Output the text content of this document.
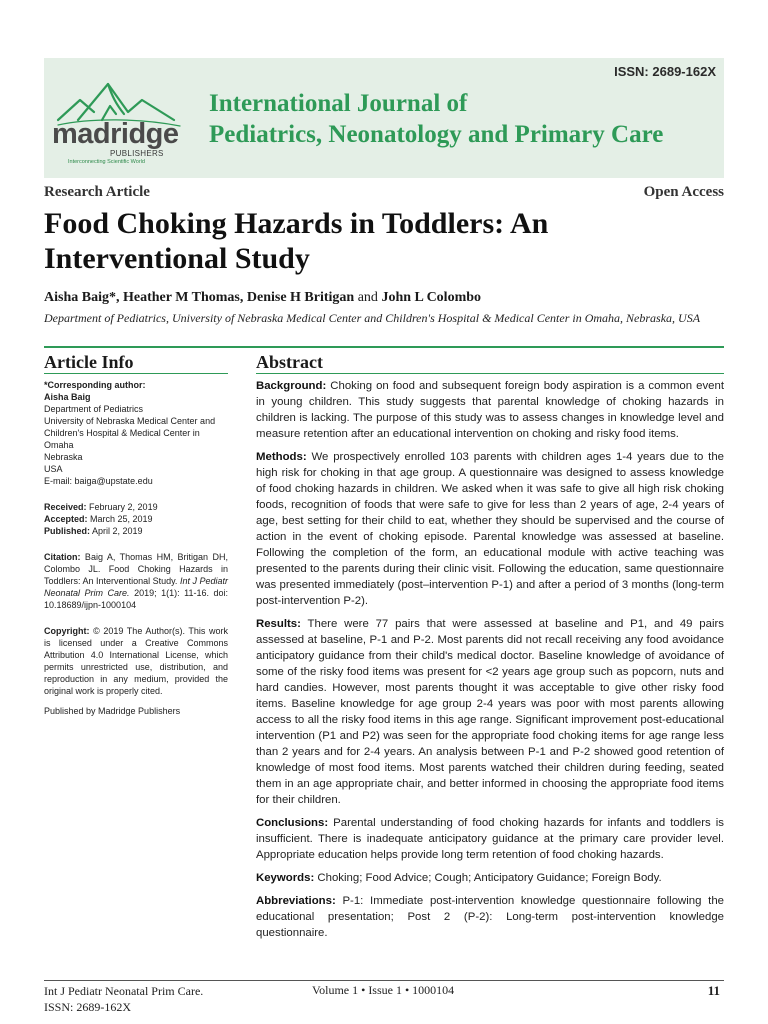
ISSN: 2689-162X
madridge
PUBLISHERS
Interconnecting Scientific World
International Journal of
Pediatrics, Neonatology and Primary Care
Research Article	Open Access
Food Choking Hazards in Toddlers: An Interventional Study
Aisha Baig*, Heather M Thomas, Denise H Britigan and John L Colombo
Department of Pediatrics, University of Nebraska Medical Center and Children's Hospital & Medical Center in Omaha, Nebraska, USA
Article Info	Abstract

*Corresponding author:
Aisha Baig
Department of Pediatrics
University of Nebraska Medical Center and
Children's Hospital & Medical Center in
Omaha
Nebraska
USA
E-mail: baiga@upstate.edu

Received: February 2, 2019
Accepted: March 25, 2019
Published: April 2, 2019

Citation: Baig A, Thomas HM, Britigan DH, Colombo JL. Food Choking Hazards in Toddlers: An Interventional Study. Int J Pediatr Neonatal Prim Care. 2019; 1(1): 11-16. doi: 10.18689/ijpn-1000104

Copyright: © 2019 The Author(s). This work is licensed under a Creative Commons Attribution 4.0 International License, which permits unrestricted use, distribution, and reproduction in any medium, provided the original work is properly cited.

Published by Madridge Publishers

Background: Choking on food and subsequent foreign body aspiration is a common event in young children. This study suggests that parental knowledge of choking hazards in children is lacking. The purpose of this study was to assess changes in knowledge level and measure retention after an educational intervention on choking and risky food items.

Methods: We prospectively enrolled 103 parents with children ages 1-4 years due to the high risk for choking in that age group. A questionnaire was designed to assess knowledge of food choking hazards in children. We asked when it was safe to give all high risk choking foods, recognition of foods that were safe to give for less than 2 years of age, 2-4 years of age, best setting for their child to eat, whether they should be supervised and the course of action in the event of choking episode. Parental knowledge was assessed at baseline. Following the completion of the form, an educational module with active teaching was presented to the parents during their clinic visit. Following the education, same questionnaire was presented immediately (post–intervention P-1) and after a period of 3 months (long-term post-intervention P-2).

Results: There were 77 pairs that were assessed at baseline and P1, and 49 pairs assessed at baseline, P-1 and P-2. Most parents did not recall receiving any food avoidance anticipatory guidance from their child's medical doctor. Baseline knowledge of avoidance of some of the risky food items was present for <2 years age group such as popcorn, nuts and hard candies. However, most parents thought it was acceptable to give other risky food items. Baseline knowledge for age group 2-4 years was poor with most parents allowing access to all the risky food items in this age range. Significant improvement post-educational intervention (P1 and P2) was seen for the appropriate food choking items for age range less than 2 years and for 2-4 years. An analysis between P-1 and P-2 showed good retention of knowledge of most food items. Most parents watched their children during feeding, seated them in an age appropriate chair, and better informed in choosing the appropriate food items for their children.

Conclusions: Parental understanding of food choking hazards for infants and toddlers is insufficient. There is inadequate anticipatory guidance at the primary care provider level. Appropriate education helps provide long term retention of food choking hazards.

Keywords: Choking; Food Advice; Cough; Anticipatory Guidance; Foreign Body.

Abbreviations: P-1: Immediate post-intervention knowledge questionnaire following the educational presentation; Post 2 (P-2): Long-term post-intervention knowledge questionnaire.

Int J Pediatr Neonatal Prim Care.
ISSN: 2689-162X
Volume 1 • Issue 1 • 1000104	11
